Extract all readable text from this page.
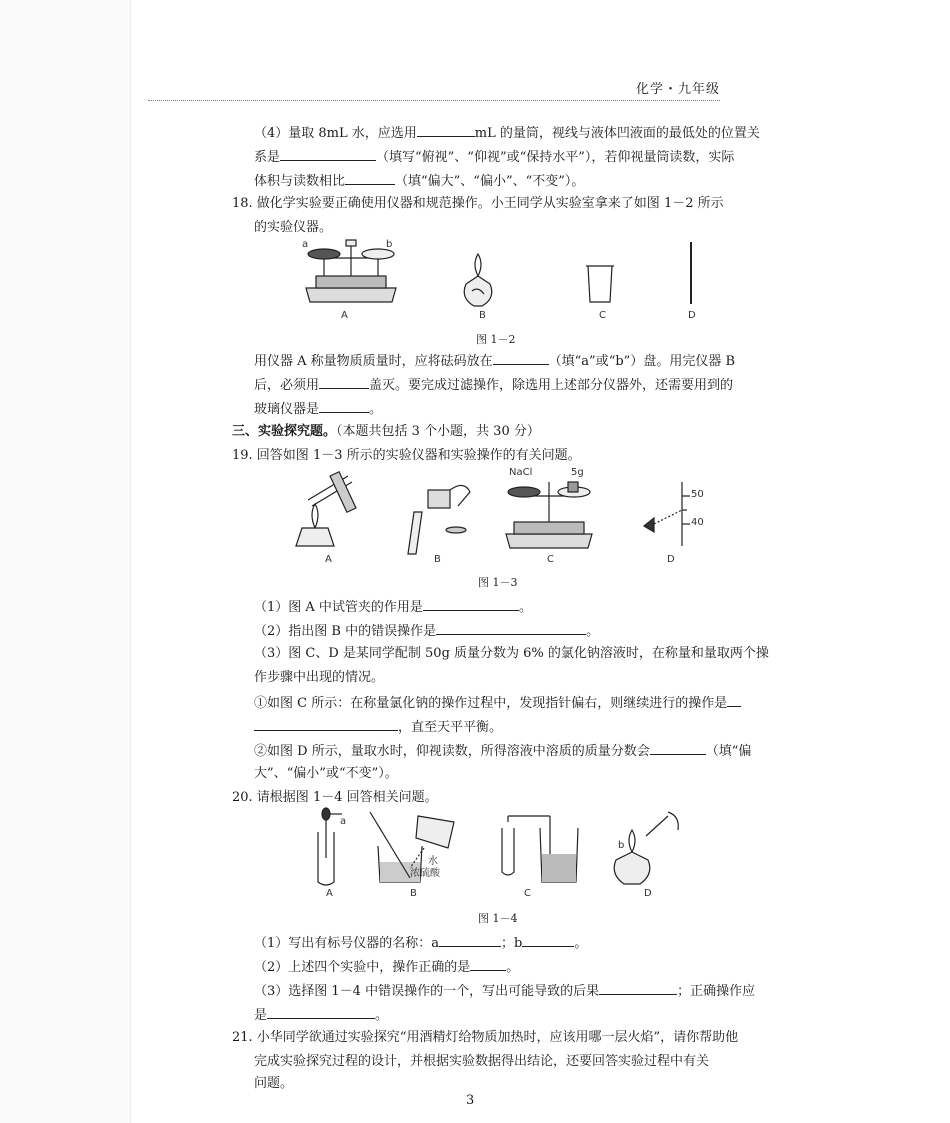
化学・九年级
（4）量取 8mL 水，应选用	mL 的量筒，视线与液体凹液面的最低处的位置关
系是	（填写“俯视”、“仰视”或“保持水平”），若仰视量筒读数，实际
体积与读数相比	（填“偏大”、“偏小”、“不变”）。
18. 做化学实验要正确使用仪器和规范操作。小王同学从实验室拿来了如图 1－2 所示
的实验仪器。
a	b
A	B	C	D
图 1－2
用仪器 A 称量物质质量时，应将砝码放在	（填“a”或“b”）盘。用完仪器 B
后，必须用	盖灭。要完成过滤操作，除选用上述部分仪器外，还需要用到的
玻璃仪器是	。
三、实验探究题。（本题共包括 3 个小题，共 30 分）
19. 回答如图 1－3 所示的实验仪器和实验操作的有关问题。
NaCl	5g
50
40
A	B	C	D
图 1－3
（1）图 A 中试管夹的作用是	。
（2）指出图 B 中的错误操作是	。
（3）图 C、D 是某同学配制 50g 质量分数为 6% 的氯化钠溶液时，在称量和量取两个操
作步骤中出现的情况。
①如图 C 所示：在称量氯化钠的操作过程中，发现指针偏右，则继续进行的操作是
，直至天平平衡。
②如图 D 所示，量取水时，仰视读数，所得溶液中溶质的质量分数会	（填“偏
大”、“偏小”或“不变”）。
20. 请根据图 1－4 回答相关问题。
a
水
浓硫酸
b
A	B	C	D
图 1－4
（1）写出有标号仪器的名称：a	；b	。
（2）上述四个实验中，操作正确的是	。
（3）选择图 1－4 中错误操作的一个，写出可能导致的后果	；正确操作应
是	。
21. 小华同学欲通过实验探究“用酒精灯给物质加热时，应该用哪一层火焰”，请你帮助他
完成实验探究过程的设计，并根据实验数据得出结论，还要回答实验过程中有关
问题。
3
